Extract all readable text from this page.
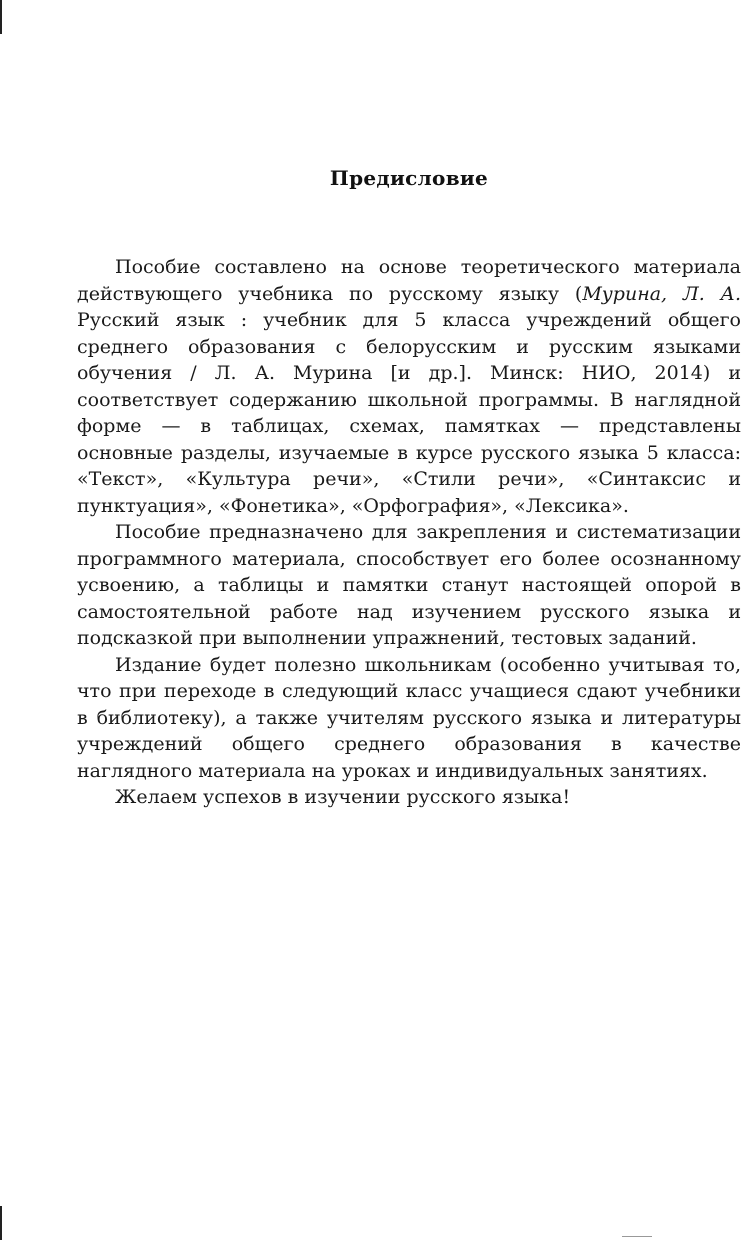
Предисловие

Пособие составлено на основе теоретического материала действующего учебника по русскому языку (Мурина, Л. А. Русский язык : учебник для 5 класса учреждений общего среднего образования с белорусским и русским языками обучения / Л. А. Мурина [и др.]. Минск: НИО, 2014) и соответствует содержанию школьной программы. В наглядной форме — в таблицах, схемах, памятках — представлены основные разделы, изучаемые в курсе русского языка 5 класса: «Текст», «Культура речи», «Стили речи», «Синтаксис и пунктуация», «Фонетика», «Орфография», «Лексика».

Пособие предназначено для закрепления и систематизации программного материала, способствует его более осознанному усвоению, а таблицы и памятки станут настоящей опорой в самостоятельной работе над изучением русского языка и подсказкой при выполнении упражнений, тестовых заданий.

Издание будет полезно школьникам (особенно учитывая то, что при переходе в следующий класс учащиеся сдают учебники в библиотеку), а также учителям русского языка и литературы учреждений общего среднего образования в качестве наглядного материала на уроках и индивидуальных занятиях.

Желаем успехов в изучении русского языка!
